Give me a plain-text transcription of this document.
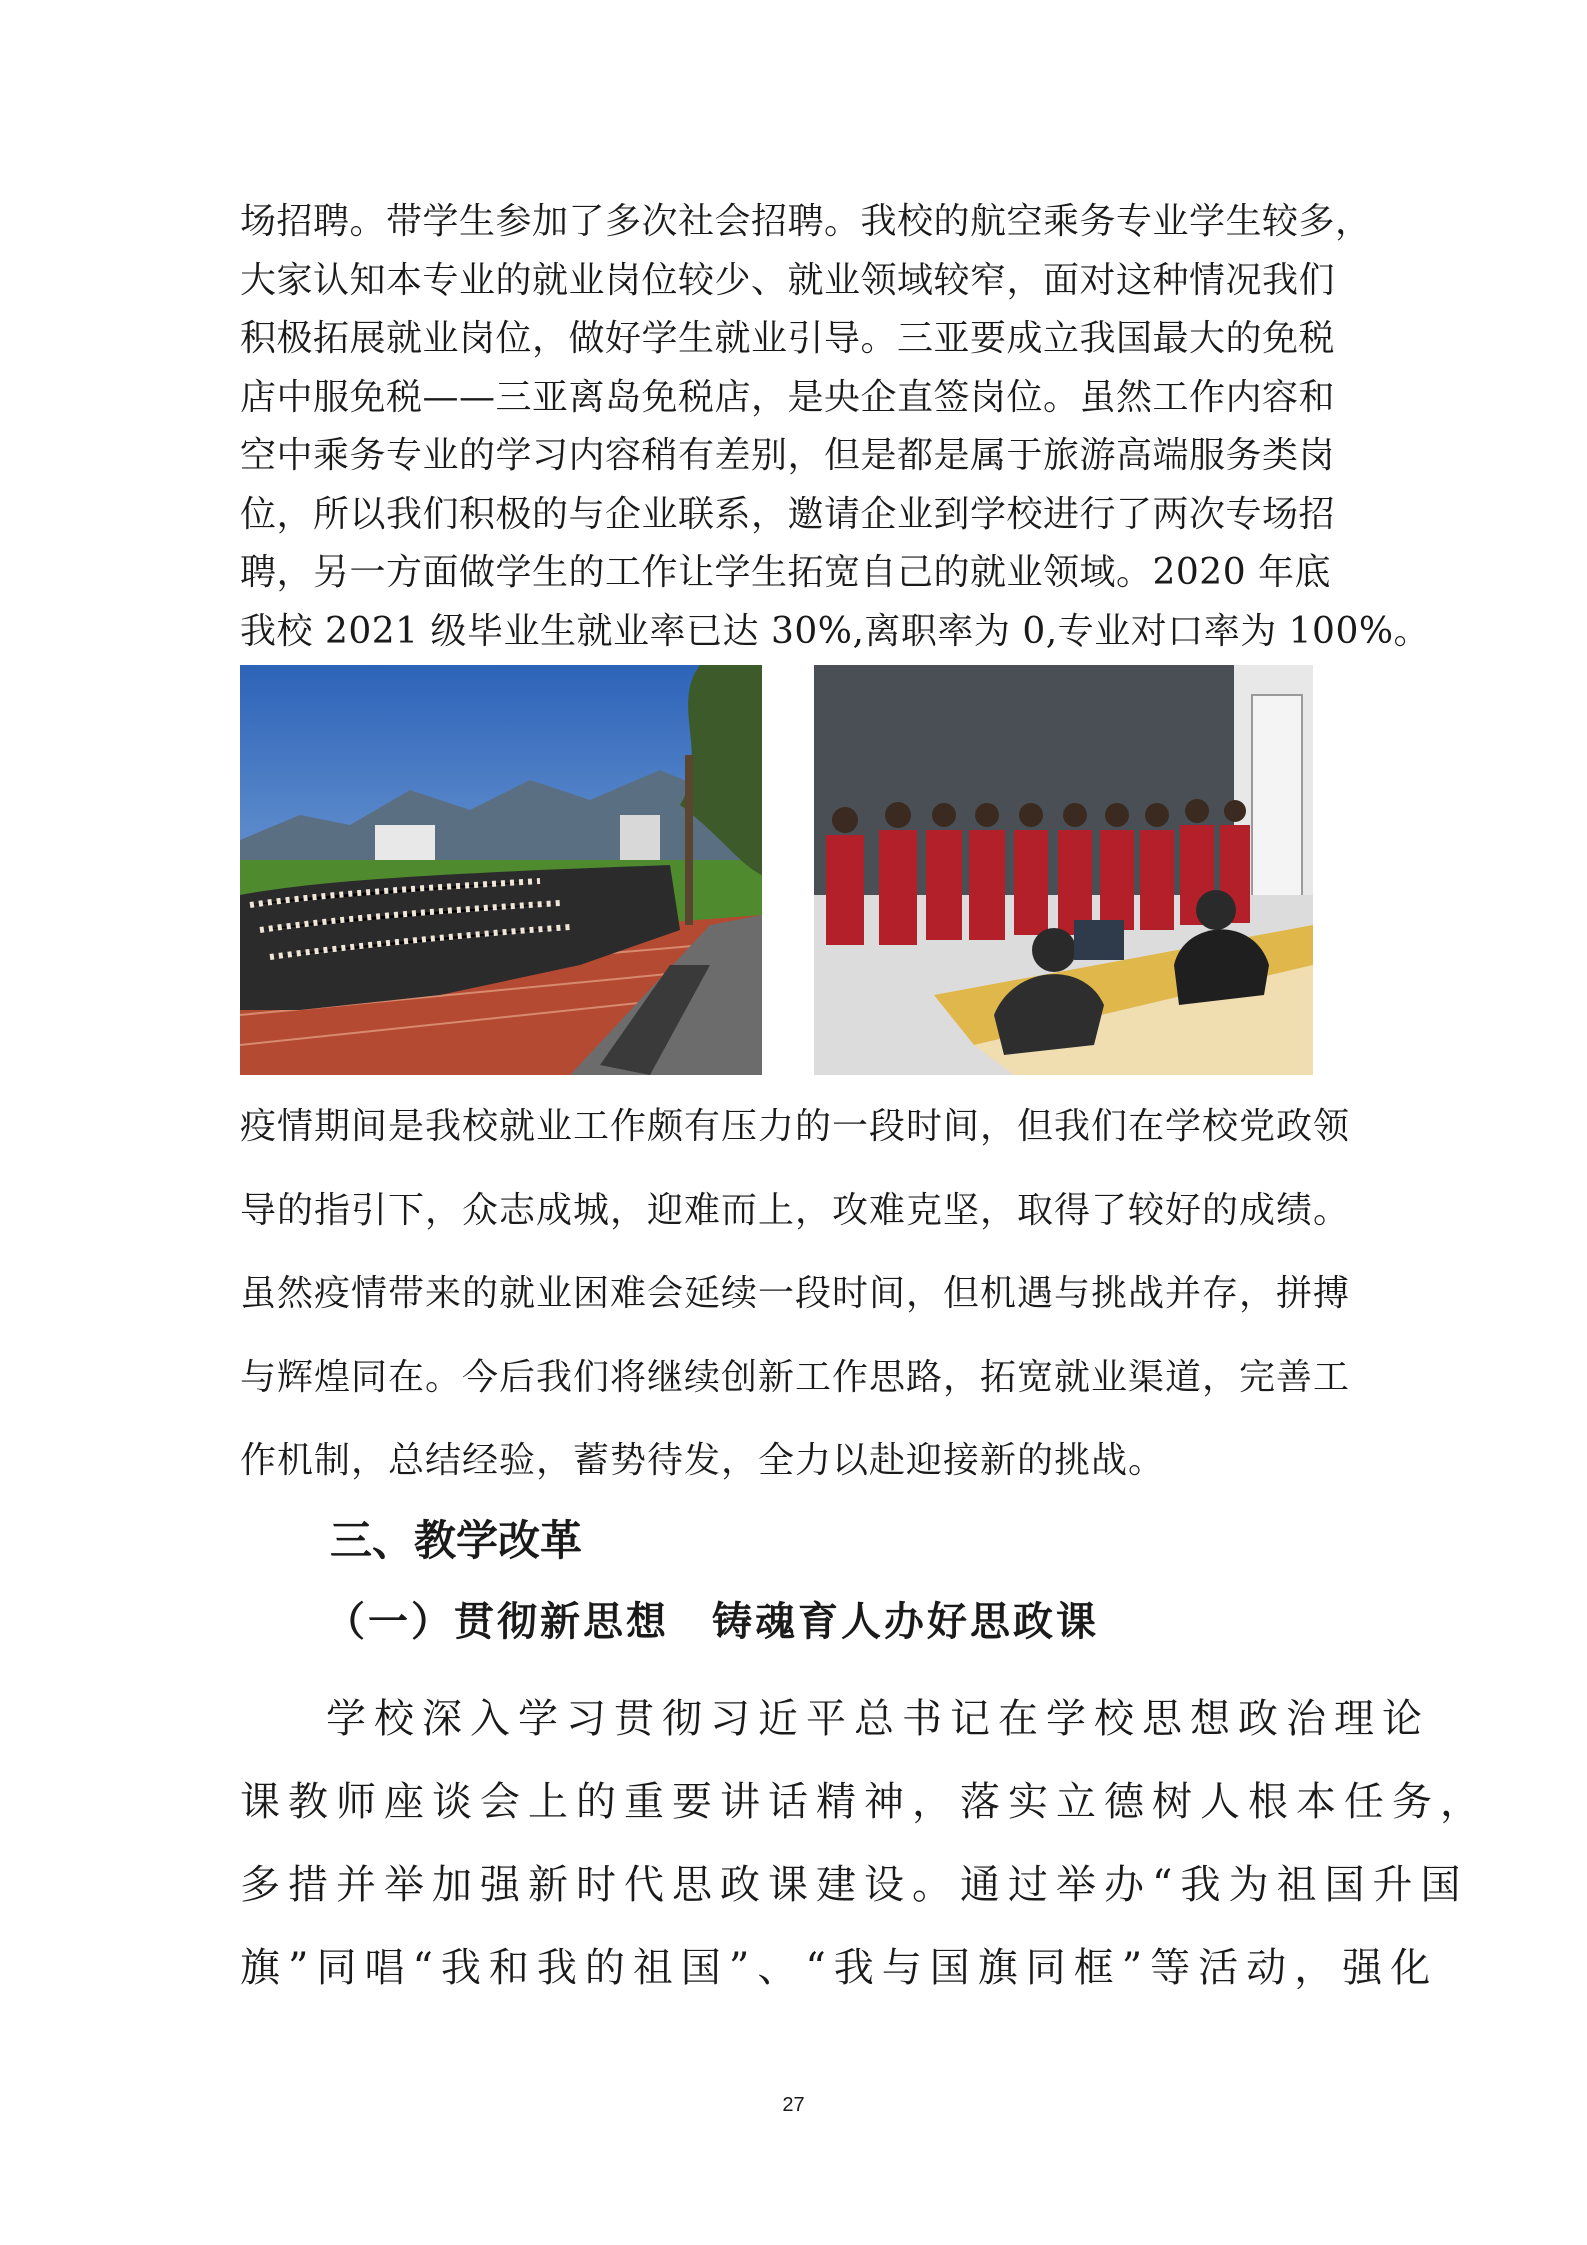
场招聘。带学生参加了多次社会招聘。我校的航空乘务专业学生较多，
大家认知本专业的就业岗位较少、就业领域较窄，面对这种情况我们
积极拓展就业岗位，做好学生就业引导。三亚要成立我国最大的免税
店中服免税——三亚离岛免税店，是央企直签岗位。虽然工作内容和
空中乘务专业的学习内容稍有差别，但是都是属于旅游高端服务类岗
位，所以我们积极的与企业联系，邀请企业到学校进行了两次专场招
聘，另一方面做学生的工作让学生拓宽自己的就业领域。2020 年底
我校 2021 级毕业生就业率已达 30%,离职率为 0,专业对口率为 100%。
疫情期间是我校就业工作颇有压力的一段时间，但我们在学校党政领
导的指引下，众志成城，迎难而上，攻难克坚，取得了较好的成绩。
虽然疫情带来的就业困难会延续一段时间，但机遇与挑战并存，拼搏
与辉煌同在。今后我们将继续创新工作思路，拓宽就业渠道，完善工
作机制，总结经验，蓄势待发，全力以赴迎接新的挑战。
三、教学改革
（一）贯彻新思想　铸魂育人办好思政课
学校深入学习贯彻习近平总书记在学校思想政治理论
课教师座谈会上的重要讲话精神，落实立德树人根本任务，
多措并举加强新时代思政课建设。通过举办“我为祖国升国
旗”同唱“我和我的祖国”、“我与国旗同框”等活动，强化
27
